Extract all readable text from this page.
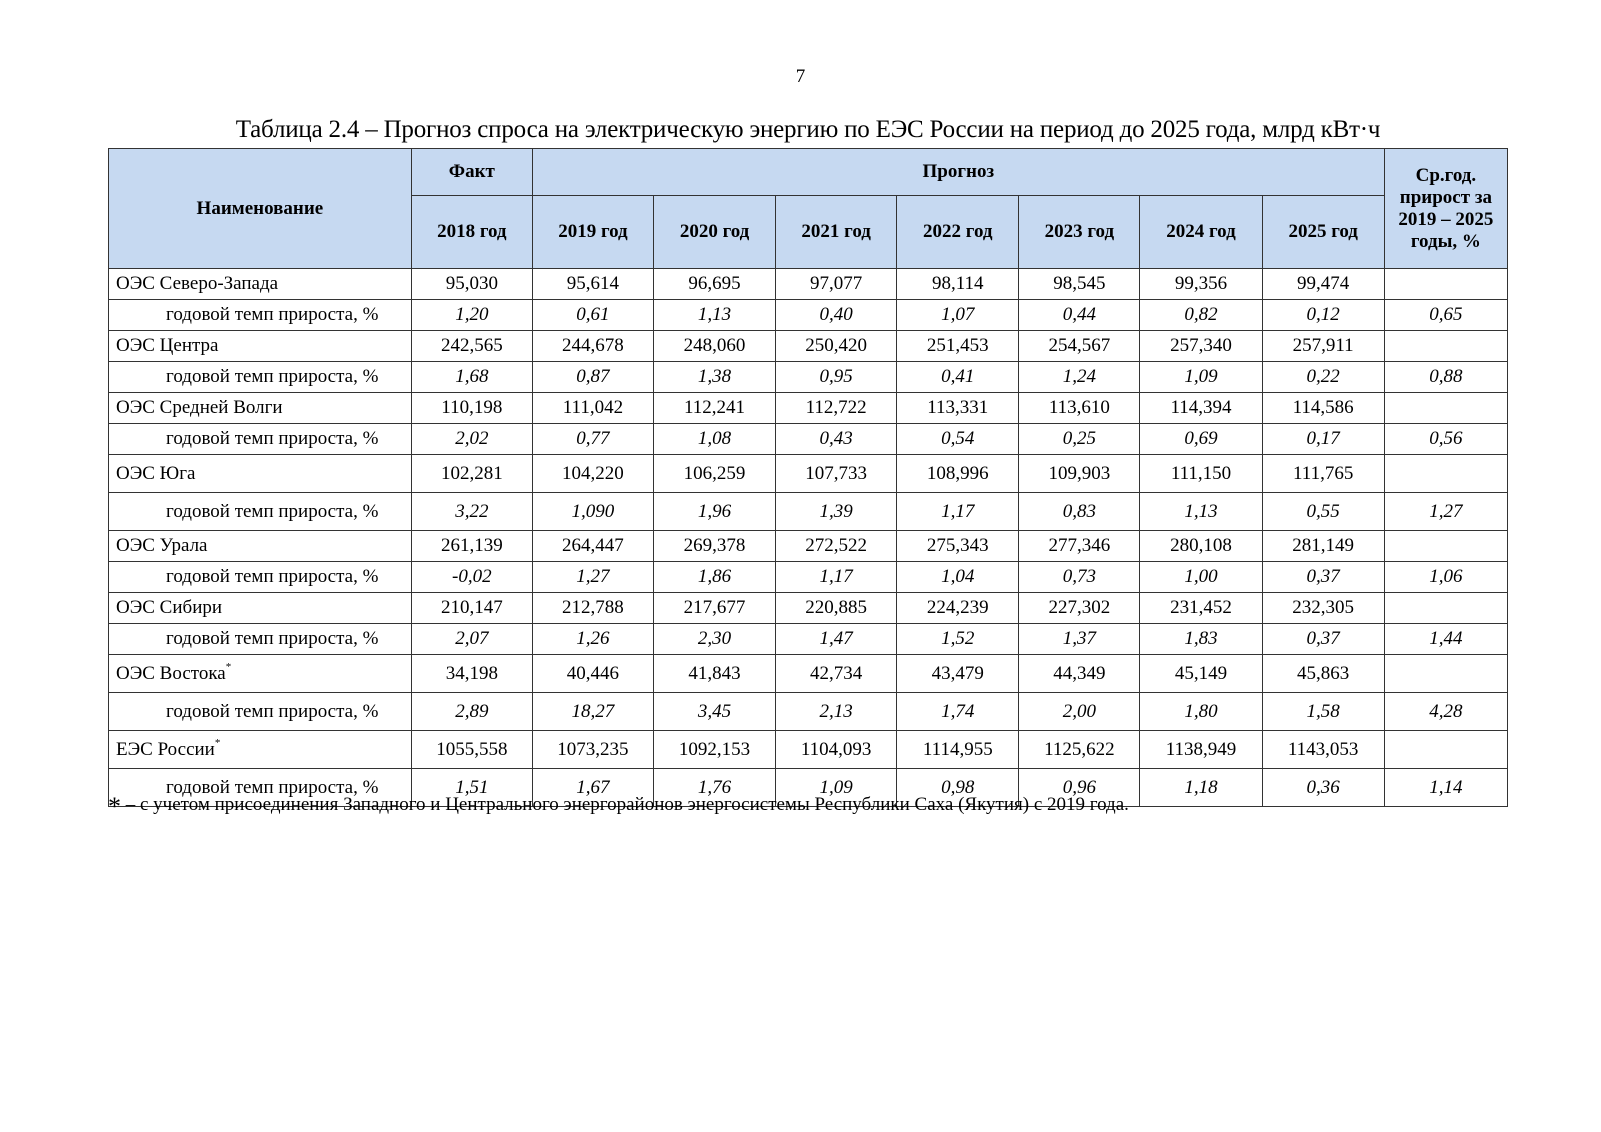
7
Таблица 2.4 – Прогноз спроса на электрическую энергию по ЕЭС России на период до 2025 года, млрд кВт·ч
Наименование	Факт	Прогноз							Ср.год. прирост за 2019 – 2025 годы, %
	2018 год	2019 год	2020 год	2021 год	2022 год	2023 год	2024 год	2025 год	
ОЭС Северо-Запада	95,030	95,614	96,695	97,077	98,114	98,545	99,356	99,474	
годовой темп прироста, %	1,20	0,61	1,13	0,40	1,07	0,44	0,82	0,12	0,65
ОЭС Центра	242,565	244,678	248,060	250,420	251,453	254,567	257,340	257,911	
годовой темп прироста, %	1,68	0,87	1,38	0,95	0,41	1,24	1,09	0,22	0,88
ОЭС Средней Волги	110,198	111,042	112,241	112,722	113,331	113,610	114,394	114,586	
годовой темп прироста, %	2,02	0,77	1,08	0,43	0,54	0,25	0,69	0,17	0,56
ОЭС Юга	102,281	104,220	106,259	107,733	108,996	109,903	111,150	111,765	
годовой темп прироста, %	3,22	1,090	1,96	1,39	1,17	0,83	1,13	0,55	1,27
ОЭС Урала	261,139	264,447	269,378	272,522	275,343	277,346	280,108	281,149	
годовой темп прироста, %	-0,02	1,27	1,86	1,17	1,04	0,73	1,00	0,37	1,06
ОЭС Сибири	210,147	212,788	217,677	220,885	224,239	227,302	231,452	232,305	
годовой темп прироста, %	2,07	1,26	2,30	1,47	1,52	1,37	1,83	0,37	1,44
ОЭС Востока*	34,198	40,446	41,843	42,734	43,479	44,349	45,149	45,863	
годовой темп прироста, %	2,89	18,27	3,45	2,13	1,74	2,00	1,80	1,58	4,28
ЕЭС России*	1055,558	1073,235	1092,153	1104,093	1114,955	1125,622	1138,949	1143,053	
годовой темп прироста, %	1,51	1,67	1,76	1,09	0,98	0,96	1,18	0,36	1,14
* – с учетом присоединения Западного и Центрального энергорайонов энергосистемы Республики Саха (Якутия) с 2019 года.
